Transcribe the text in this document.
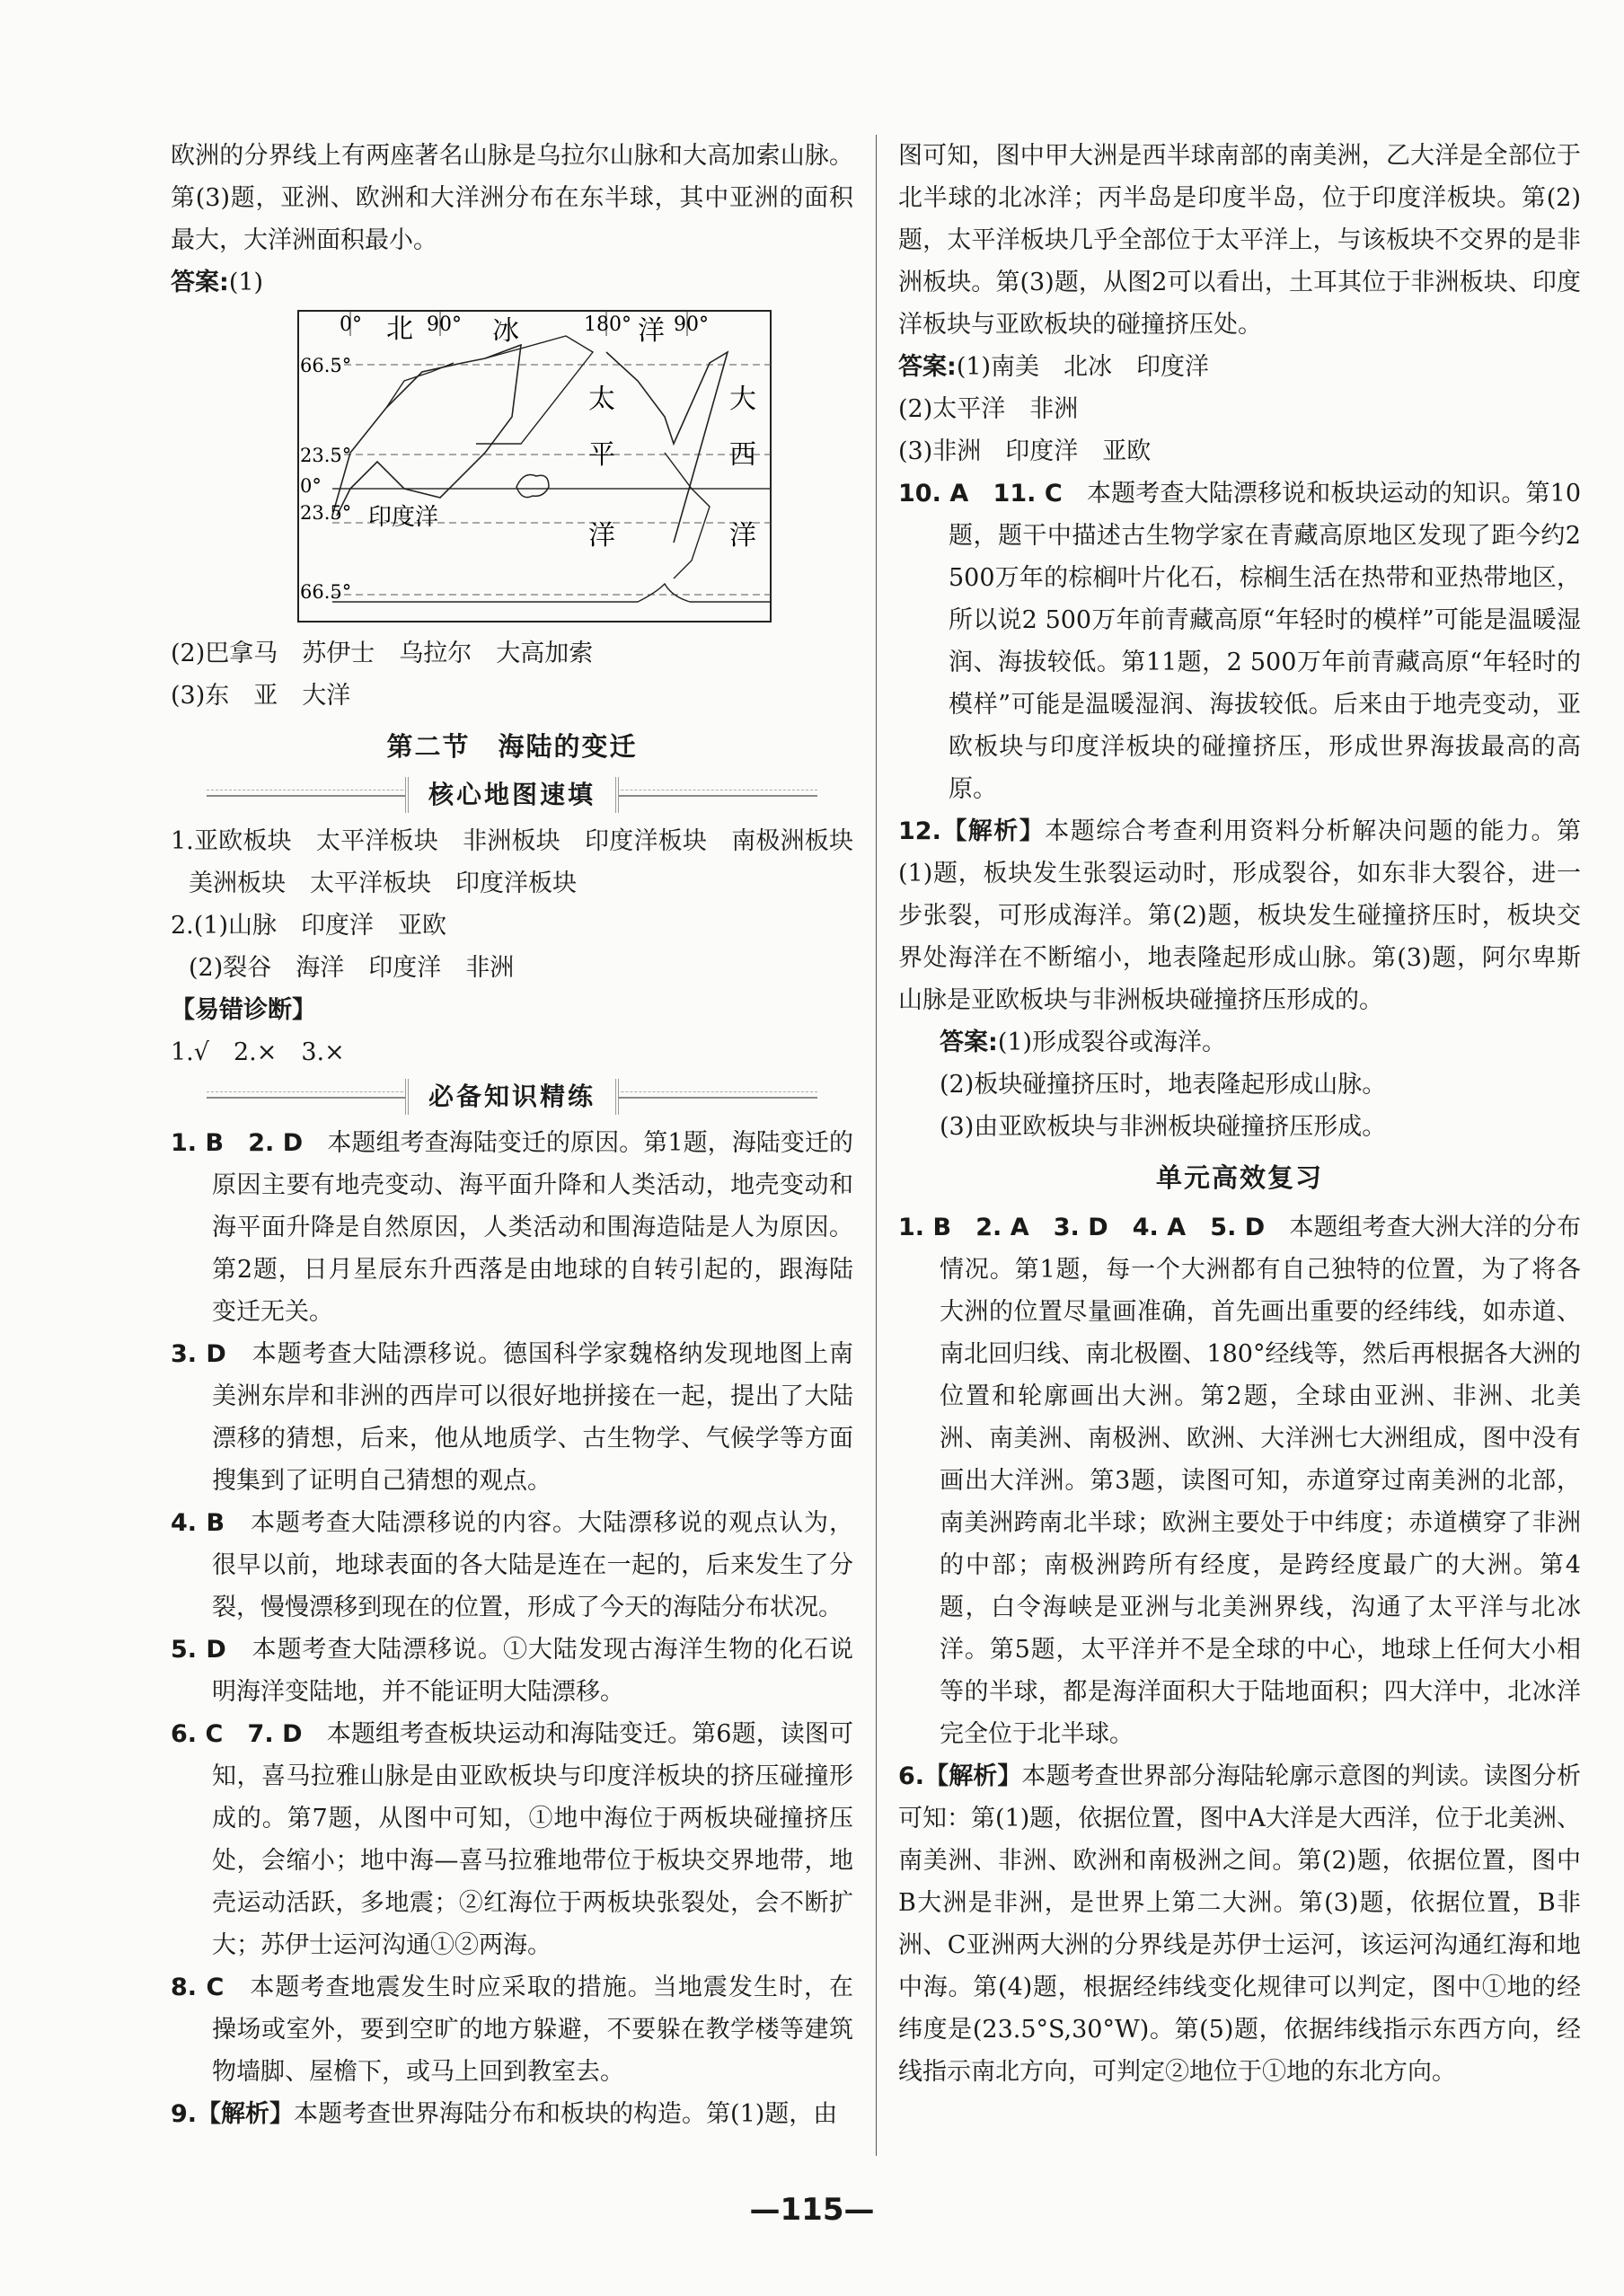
欧洲的分界线上有两座著名山脉是乌拉尔山脉和大高加索山脉。第(3)题，亚洲、欧洲和大洋洲分布在东半球，其中亚洲的面积最大，大洋洲面积最小。

答案:(1)

0° 北 90° 冰	180° 洋 90°
66.5°
23.5°
0°
23.5°
66.5°
太	大
平	西
洋	洋
印度洋

(2)巴拿马　苏伊士　乌拉尔　大高加索

(3)东　亚　大洋

第二节　海陆的变迁
核心地图速填

1.亚欧板块　太平洋板块　非洲板块　印度洋板块　南极洲板块　美洲板块　太平洋板块　印度洋板块

2.(1)山脉　印度洋　亚欧

(2)裂谷　海洋　印度洋　非洲

【易错诊断】

1.√　2.×　3.×

必备知识精练

1. B　2. D　 本题组考查海陆变迁的原因。第1题，海陆变迁的原因主要有地壳变动、海平面升降和人类活动，地壳变动和海平面升降是自然原因，人类活动和围海造陆是人为原因。第2题，日月星辰东升西落是由地球的自转引起的，跟海陆变迁无关。

3. D　 本题考查大陆漂移说。德国科学家魏格纳发现地图上南美洲东岸和非洲的西岸可以很好地拼接在一起，提出了大陆漂移的猜想，后来，他从地质学、古生物学、气候学等方面搜集到了证明自己猜想的观点。

4. B　 本题考查大陆漂移说的内容。大陆漂移说的观点认为，很早以前，地球表面的各大陆是连在一起的，后来发生了分裂，慢慢漂移到现在的位置，形成了今天的海陆分布状况。

5. D　 本题考查大陆漂移说。①大陆发现古海洋生物的化石说明海洋变陆地，并不能证明大陆漂移。

6. C　7. D　 本题组考查板块运动和海陆变迁。第6题，读图可知，喜马拉雅山脉是由亚欧板块与印度洋板块的挤压碰撞形成的。第7题，从图中可知，①地中海位于两板块碰撞挤压处，会缩小；地中海—喜马拉雅地带位于板块交界地带，地壳运动活跃，多地震；②红海位于两板块张裂处，会不断扩大；苏伊士运河沟通①②两海。

8. C　 本题考查地震发生时应采取的措施。当地震发生时，在操场或室外，要到空旷的地方躲避，不要躲在教学楼等建筑物墙脚、屋檐下，或马上回到教室去。

9.【解析】本题考查世界海陆分布和板块的构造。第(1)题，由

图可知，图中甲大洲是西半球南部的南美洲，乙大洋是全部位于北半球的北冰洋；丙半岛是印度半岛，位于印度洋板块。第(2)题，太平洋板块几乎全部位于太平洋上，与该板块不交界的是非洲板块。第(3)题，从图2可以看出，土耳其位于非洲板块、印度洋板块与亚欧板块的碰撞挤压处。

答案:(1)南美　北冰　印度洋

(2)太平洋　非洲

(3)非洲　印度洋　亚欧

10. A　11. C　 本题考查大陆漂移说和板块运动的知识。第10题，题干中描述古生物学家在青藏高原地区发现了距今约2 500万年的棕榈叶片化石，棕榈生活在热带和亚热带地区，所以说2 500万年前青藏高原“年轻时的模样”可能是温暖湿润、海拔较低。第11题，2 500万年前青藏高原“年轻时的模样”可能是温暖湿润、海拔较低。后来由于地壳变动，亚欧板块与印度洋板块的碰撞挤压，形成世界海拔最高的高原。

12.【解析】本题综合考查利用资料分析解决问题的能力。第(1)题，板块发生张裂运动时，形成裂谷，如东非大裂谷，进一步张裂，可形成海洋。第(2)题，板块发生碰撞挤压时，板块交界处海洋在不断缩小，地表隆起形成山脉。第(3)题，阿尔卑斯山脉是亚欧板块与非洲板块碰撞挤压形成的。

答案:(1)形成裂谷或海洋。

(2)板块碰撞挤压时，地表隆起形成山脉。

(3)由亚欧板块与非洲板块碰撞挤压形成。

单元高效复习

1. B　2. A　3. D　4. A　5. D　 本题组考查大洲大洋的分布情况。第1题，每一个大洲都有自己独特的位置，为了将各大洲的位置尽量画准确，首先画出重要的经纬线，如赤道、南北回归线、南北极圈、180°经线等，然后再根据各大洲的位置和轮廓画出大洲。第2题，全球由亚洲、非洲、北美洲、南美洲、南极洲、欧洲、大洋洲七大洲组成，图中没有画出大洋洲。第3题，读图可知，赤道穿过南美洲的北部，南美洲跨南北半球；欧洲主要处于中纬度；赤道横穿了非洲的中部；南极洲跨所有经度，是跨经度最广的大洲。第4题，白令海峡是亚洲与北美洲界线，沟通了太平洋与北冰洋。第5题，太平洋并不是全球的中心，地球上任何大小相等的半球，都是海洋面积大于陆地面积；四大洋中，北冰洋完全位于北半球。

6.【解析】本题考查世界部分海陆轮廓示意图的判读。读图分析可知：第(1)题，依据位置，图中A大洋是大西洋，位于北美洲、南美洲、非洲、欧洲和南极洲之间。第(2)题，依据位置，图中B大洲是非洲，是世界上第二大洲。第(3)题，依据位置，B非洲、C亚洲两大洲的分界线是苏伊士运河，该运河沟通红海和地中海。第(4)题，根据经纬线变化规律可以判定，图中①地的经纬度是(23.5°S,30°W)。第(5)题，依据纬线指示东西方向，经线指示南北方向，可判定②地位于①地的东北方向。

—115—
